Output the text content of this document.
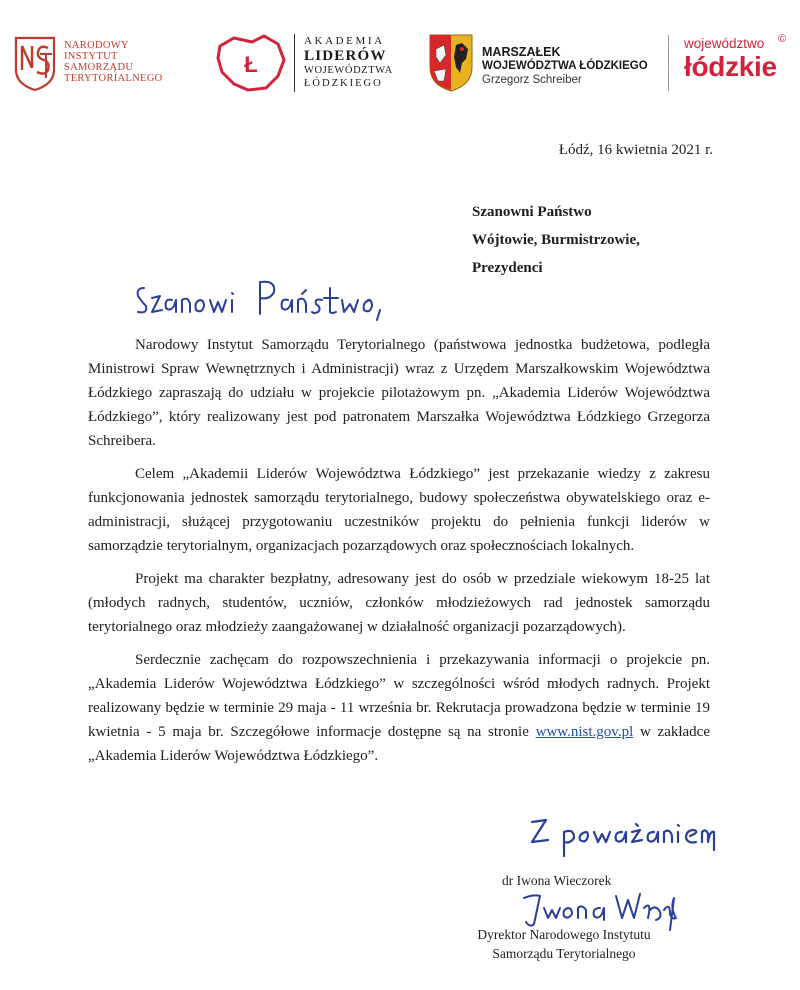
NARODOWY
INSTYTUT
SAMORZĄDU
TERYTORIALNEGO
Ł
AKADEMIA
LIDERÓW
WOJEWÓDZTWA
ŁÓDZKIEGO
MARSZAŁEK
WOJEWÓDZTWA ŁÓDZKIEGO
Grzegorz Schreiber
województwo
łódzkie
©
Łódź, 16 kwietnia 2021 r.
Szanowni Państwo
Wójtowie, Burmistrzowie,
Prezydenci

Narodowy Instytut Samorządu Terytorialnego (państwowa jednostka budżetowa, podległa Ministrowi Spraw Wewnętrznych i Administracji) wraz z Urzędem Marszałkowskim Województwa Łódzkiego zapraszają do udziału w projekcie pilotażowym pn. „Akademia Liderów Województwa Łódzkiego”, który realizowany jest pod patronatem Marszałka Województwa Łódzkiego Grzegorza Schreibera.

Celem „Akademii Liderów Województwa Łódzkiego” jest przekazanie wiedzy z zakresu funkcjonowania jednostek samorządu terytorialnego, budowy społeczeństwa obywatelskiego oraz e-administracji, służącej przygotowaniu uczestników projektu do pełnienia funkcji liderów w samorządzie terytorialnym, organizacjach pozarządowych oraz społecznościach lokalnych.

Projekt ma charakter bezpłatny, adresowany jest do osób w przedziale wiekowym 18-25 lat (młodych radnych, studentów, uczniów, członków młodzieżowych rad jednostek samorządu terytorialnego oraz młodzieży zaangażowanej w działalność organizacji pozarządowych).

Serdecznie zachęcam do rozpowszechnienia i przekazywania informacji o projekcie pn. „Akademia Liderów Województwa Łódzkiego” w szczególności wśród młodych radnych. Projekt realizowany będzie w terminie 29 maja - 11 września br. Rekrutacja prowadzona będzie w terminie 19 kwietnia - 5 maja br. Szczegółowe informacje dostępne są na stronie www.nist.gov.pl w zakładce „Akademia Liderów Województwa Łódzkiego”.

dr Iwona Wieczorek
Dyrektor Narodowego Instytutu
Samorządu Terytorialnego
